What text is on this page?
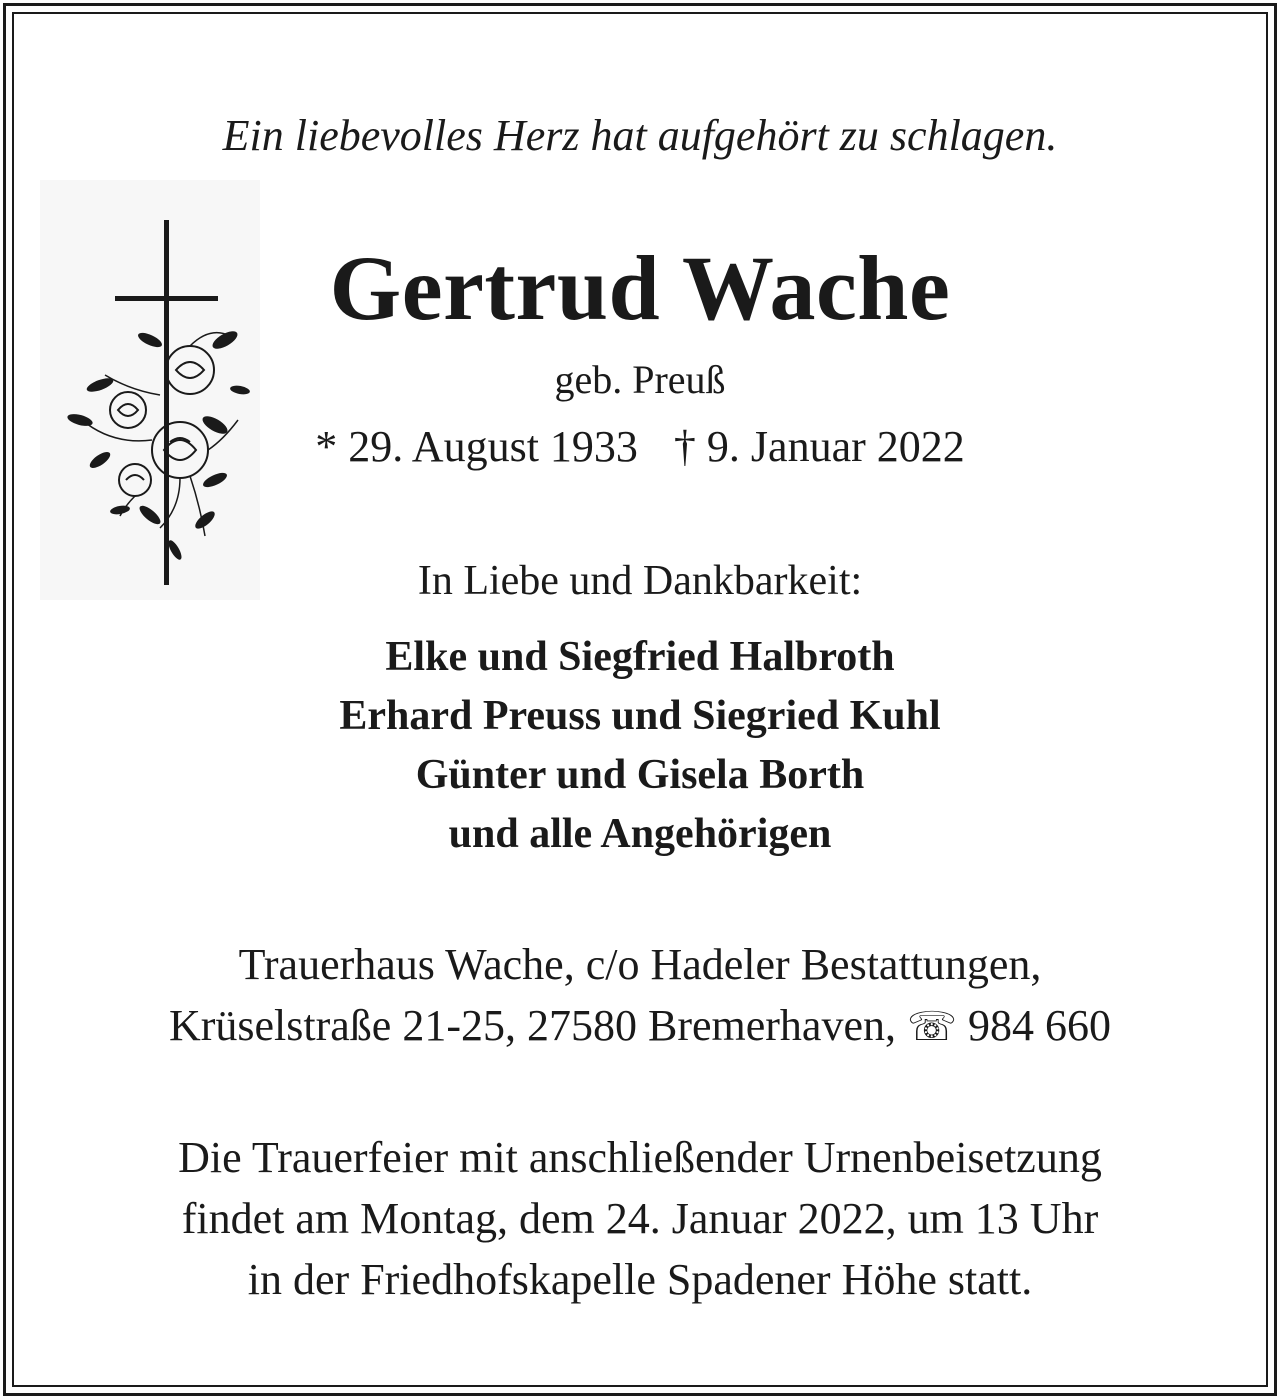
Ein liebevolles Herz hat aufgehört zu schlagen.

Gertrud Wache

geb. Preuß

* 29. August 1933 † 9. Januar 2022

In Liebe und Dankbarkeit:

Elke und Siegfried Halbroth

Erhard Preuss und Siegried Kuhl

Günter und Gisela Borth

und alle Angehörigen

Trauerhaus Wache, c/o Hadeler Bestattungen,

Krüselstraße 21-25, 27580 Bremerhaven, ☏ 984 660

Die Trauerfeier mit anschließender Urnenbeisetzung

findet am Montag, dem 24. Januar 2022, um 13 Uhr

in der Friedhofskapelle Spadener Höhe statt.
